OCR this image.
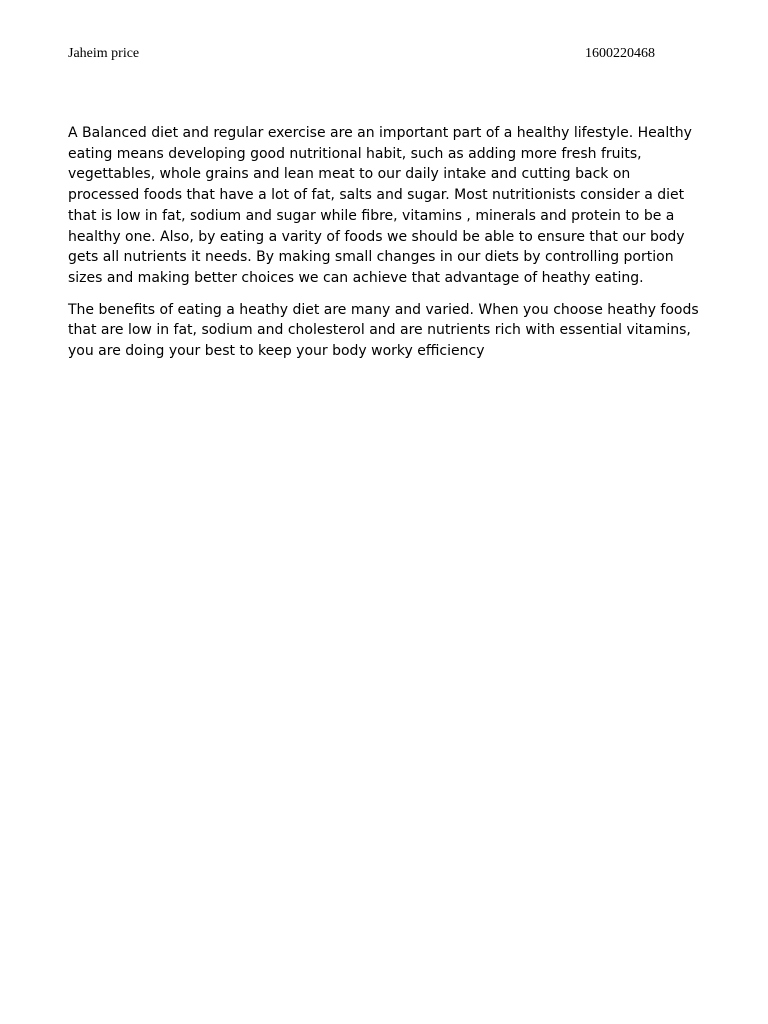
Jaheim price	1600220468

A Balanced diet and regular exercise are an important part of a healthy lifestyle. Healthy eating means developing good nutritional habit, such as adding more fresh fruits, vegettables, whole grains and lean meat to our daily intake and cutting back on processed foods that have a lot of fat, salts and sugar. Most nutritionists consider a diet that is low in fat, sodium and sugar while fibre, vitamins , minerals and protein to be a healthy one. Also, by eating a varity of foods we should be able to ensure that our body gets all nutrients it needs. By making small changes in our diets by controlling portion sizes and making better choices we can achieve that advantage of heathy eating.

The benefits of eating a heathy diet are many and varied. When you choose heathy foods that are low in fat, sodium and cholesterol and are nutrients rich with essential vitamins, you are doing your best to keep your body worky efficiency
